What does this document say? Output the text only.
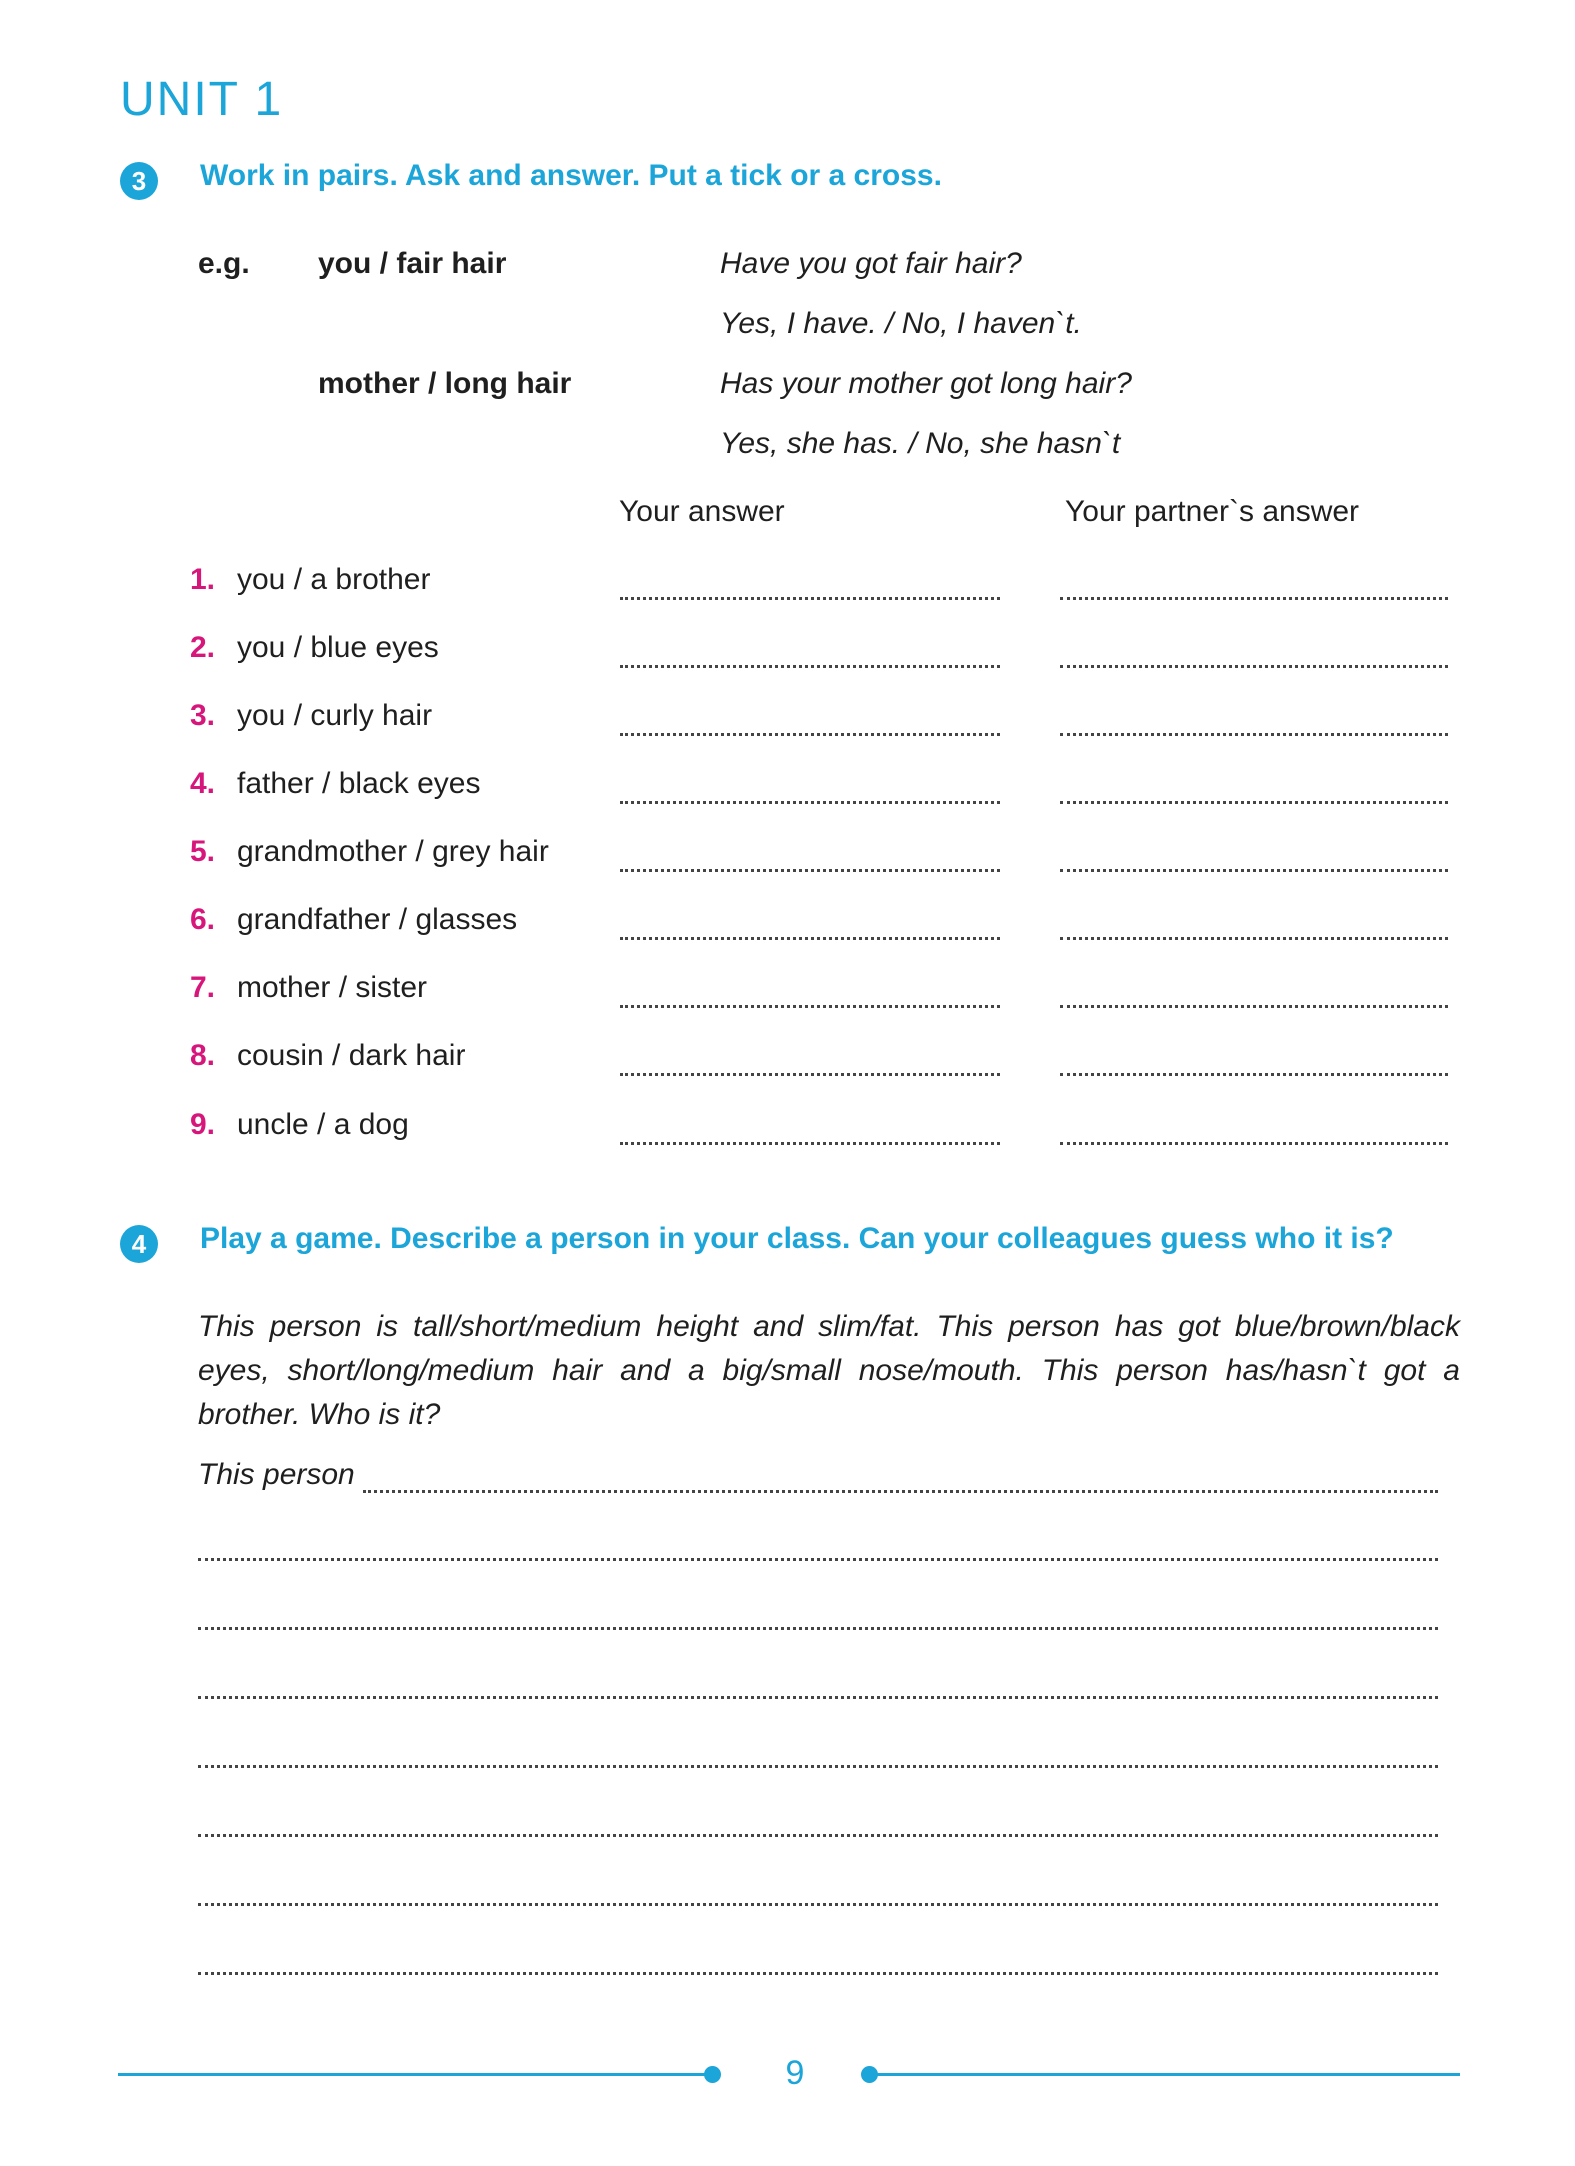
UNIT 1
3	Work in pairs. Ask and answer. Put a tick or a cross.
e.g. you / fair hair	Have you got fair hair?
Yes, I have. / No, I haven`t.
mother / long hair	Has your mother got long hair?
Yes, she has. / No, she hasn`t
Your answer	Your partner`s answer
1. you / a brother
2. you / blue eyes
3. you / curly hair
4. father / black eyes
5. grandmother / grey hair
6. grandfather / glasses
7. mother / sister
8. cousin / dark hair
9. uncle / a dog
4	Play a game. Describe a person in your class. Can your colleagues guess who it is?

This person is tall/short/medium height and slim/fat. This person has got blue/brown/black eyes, short/long/medium hair and a big/small nose/mouth. This person has/hasn`t got a brother. Who is it?

This person
9
